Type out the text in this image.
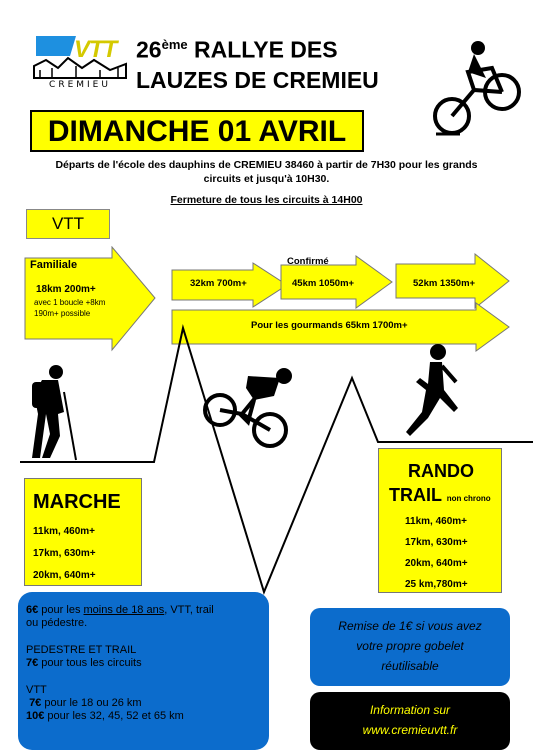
VTT
CREMIEU
26ème RALLYE DES
LAUZES DE CREMIEU
DIMANCHE 01 AVRIL
Départs de l'école des dauphins de CREMIEU 38460 à partir de 7H30 pour les grands
circuits et jusqu'à 10H30.
Fermeture de tous les circuits à 14H00
VTT
Familiale
18km 200m+
avec 1 boucle +8km
190m+ possible
Confirmé
32km 700m+	45km 1050m+	52km 1350m+
Pour les gourmands 65km 1700m+
MARCHE
11km, 460m+
17km, 630m+
20km, 640m+
RANDO
TRAIL non chrono
11km, 460m+
17km, 630m+
20km, 640m+
25 km,780m+
6€ pour les moins de 18 ans, VTT, trail
ou pédestre.
PEDESTRE ET TRAIL
7€ pour tous les circuits
VTT
7€ pour le 18 ou 26 km
10€ pour les 32, 45, 52 et 65 km
Remise de 1€ si vous avez
votre propre gobelet
réutilisable
Information sur
www.cremieuvtt.fr
